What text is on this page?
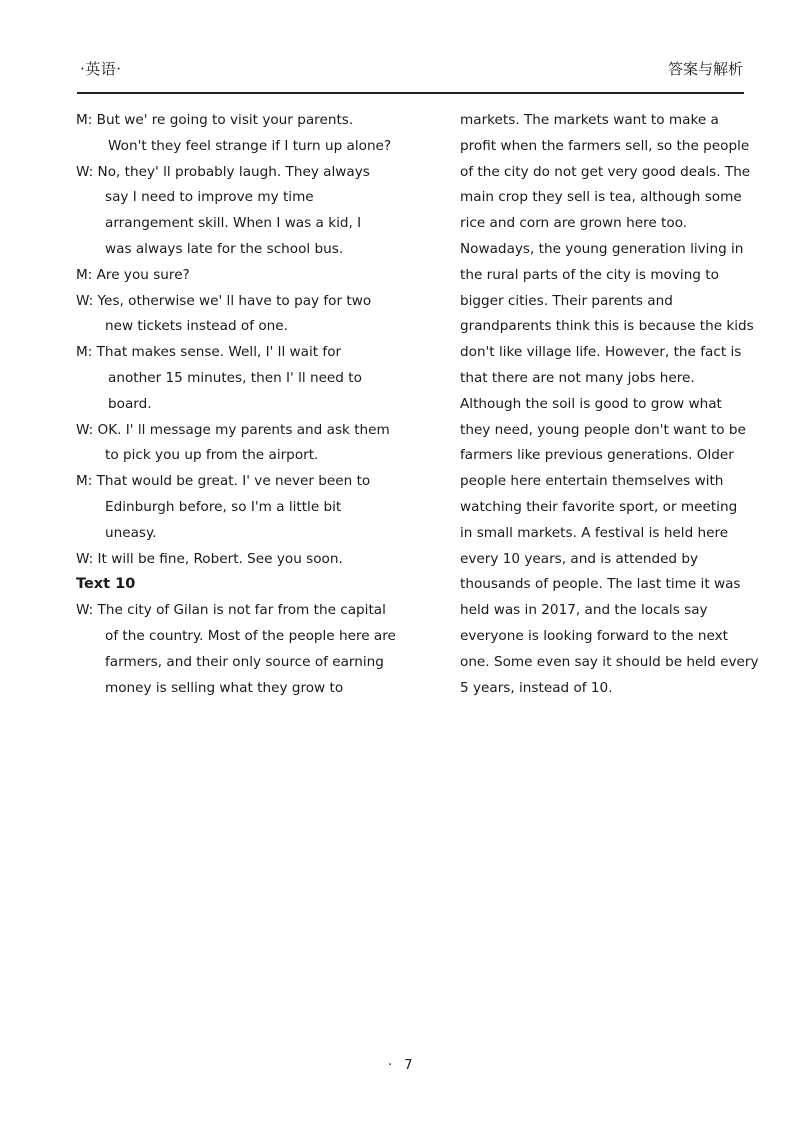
·英语·	答案与解析
M: But we' re going to visit your parents.
Won't they feel strange if I turn up alone?
W: No, they' ll probably laugh. They always
say I need to improve my time
arrangement skill. When I was a kid, I
was always late for the school bus.
M: Are you sure?
W: Yes, otherwise we' ll have to pay for two
new tickets instead of one.
M: That makes sense. Well, I' ll wait for
another 15 minutes, then I' ll need to
board.
W: OK. I' ll message my parents and ask them
to pick you up from the airport.
M: That would be great. I' ve never been to
Edinburgh before, so I'm a little bit
uneasy.
W: It will be fine, Robert. See you soon.
Text 10
W: The city of Gilan is not far from the capital
of the country. Most of the people here are
farmers, and their only source of earning
money is selling what they grow to
markets. The markets want to make a
profit when the farmers sell, so the people
of the city do not get very good deals. The
main crop they sell is tea, although some
rice and corn are grown here too.
Nowadays, the young generation living in
the rural parts of the city is moving to
bigger cities. Their parents and
grandparents think this is because the kids
don't like village life. However, the fact is
that there are not many jobs here.
Although the soil is good to grow what
they need, young people don't want to be
farmers like previous generations. Older
people here entertain themselves with
watching their favorite sport, or meeting
in small markets. A festival is held here
every 10 years, and is attended by
thousands of people. The last time it was
held was in 2017, and the locals say
everyone is looking forward to the next
one. Some even say it should be held every
5 years, instead of 10.
· 7
